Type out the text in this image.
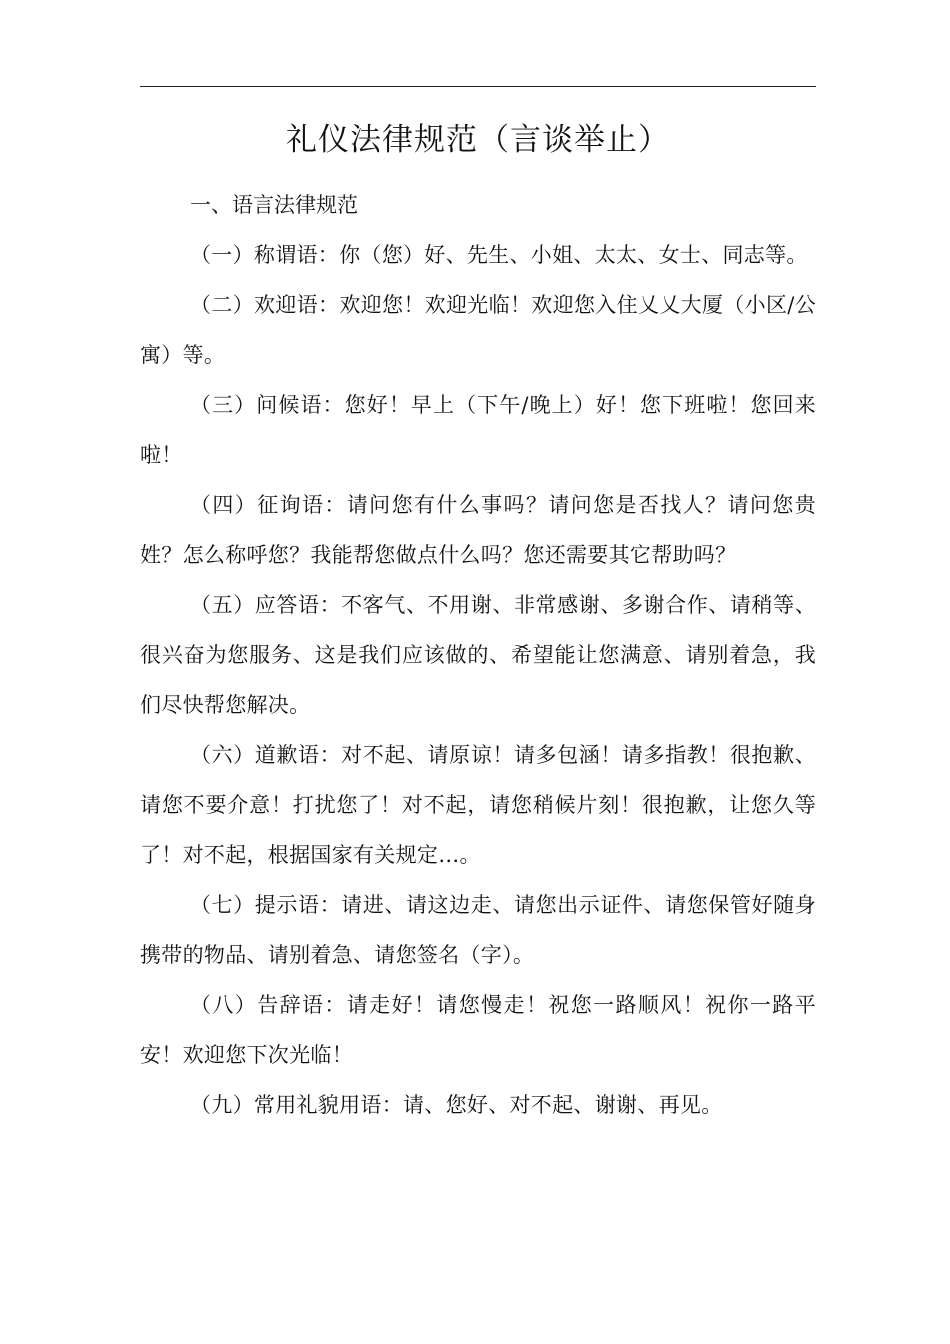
礼仪法律规范（言谈举止）

一、语言法律规范

（一）称谓语：你（您）好、先生、小姐、太太、女士、同志等。

（二）欢迎语：欢迎您！欢迎光临！欢迎您入住乂乂大厦（小区/公寓）等。

（三）问候语：您好！早上（下午/晚上）好！您下班啦！您回来啦！

（四）征询语：请问您有什么事吗？请问您是否找人？请问您贵姓？怎么称呼您？我能帮您做点什么吗？您还需要其它帮助吗？

（五）应答语：不客气、不用谢、非常感谢、多谢合作、请稍等、很兴奋为您服务、这是我们应该做的、希望能让您满意、请别着急，我们尽快帮您解决。

（六）道歉语：对不起、请原谅！请多包涵！请多指教！很抱歉、请您不要介意！打扰您了！对不起，请您稍候片刻！很抱歉，让您久等了！对不起，根据国家有关规定…。

（七）提示语：请进、请这边走、请您出示证件、请您保管好随身携带的物品、请别着急、请您签名（字）。

（八）告辞语：请走好！请您慢走！祝您一路顺风！祝你一路平安！欢迎您下次光临！

（九）常用礼貌用语：请、您好、对不起、谢谢、再见。
